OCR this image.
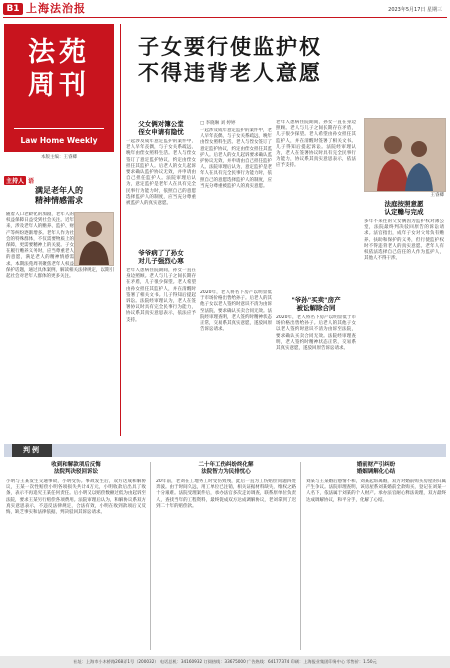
B1 上海法治报	2023年5月17日 星期三
法苑
周刊
Law Home Weekly
本版主编：王睿卿
子女要行使监护权
不得违背老人意愿
主持人 语
满足老年人的
精神情感需求
随着人口老龄化的加剧，老年人的权益保障日益受到社会关注。近年来，涉及老年人的赡养、监护、财产等纠纷逐渐增多。老年人作为社会的特殊群体，不仅需要物质上的保障，更需要精神上的关爱。子女在履行赡养义务时，应当尊重老人的意愿，满足老人的精神情感需求。本期法苑周刊聚焦老年人权益保护话题，通过具体案例，解读相关法律规定，以期引起社会对老年人群体的更多关注。
父女俩对簿公堂
侄女申请有隐忧
一起涉及成年意定监护的案件中，老人早年丧偶，与子女关系疏远，晚年由侄女照料生活。老人与侄女签订了意定监护协议，约定由侄女担任其监护人。后老人的女儿起诉要求确认监护协议无效，并申请由自己担任监护人。法院审理后认为，意定监护是老年人在具有完全民事行为能力时，依照自己的意愿选择监护人的制度，应当充分尊重被监护人的真实意愿。
爷爷病了了孙女
对儿子强烈心寒
老年人患病住院期间，孙女一直在身边照顾。老人与儿子之间长期存在矛盾，儿子很少探望。老人希望由孙女担任其监护人，并在清醒时签署了相关文书。儿子得知后提起诉讼。法院经审理认为，老人在签署协议时具有完全民事行为能力，协议系其真实意思表示，依法应予支持。
□ 李晓琳 刘 婷婷
一起涉及成年意定监护的案件中，老人早年丧偶，与子女关系疏远，晚年由侄女照料生活。老人与侄女签订了意定监护协议，约定由侄女担任其监护人。后老人的女儿起诉要求确认监护协议无效，并申请由自己担任监护人。法院审理后认为，意定监护是老年人在具有完全民事行为能力时，依照自己的意愿选择监护人的制度，应当充分尊重被监护人的真实意愿。
老年人患病住院期间，孙女一直在身边照顾。老人与儿子之间长期存在矛盾，儿子很少探望。老人希望由孙女担任其监护人，并在清醒时签署了相关文书。儿子得知后提起诉讼。法院经审理认为，老人在签署协议时具有完全民事行为能力，协议系其真实意思表示，依法应予支持。
王睿卿
法庭按照意愿
认定赡与完成
多年不来往的父女俩因为监护权对簿公堂，法院最终判决驳回原告的诉讼请求。法官指出，成年子女对父母负有赡养、扶助和保护的义务，但行使监护权时不得违背老人的真实意愿。老年人有权依法选择自己信任的人作为监护人，其他人不得干涉。
"爷孙"买卖"房产
被讼解除合同
2020年，老人将名下房产以明显低于市场价格出售给孙子。后老人的其他子女以老人签约时意识不清为由诉至法院，要求确认买卖合同无效。法院经审理查明，老人签约时精神状态正常，交易系其真实意愿，遂驳回原告诉讼请求。
2020年，老人将名下房产以明显低于市场价格出售给孙子。后老人的其他子女以老人签约时意识不清为由诉至法院，要求确认买卖合同无效。法院经审理查明，老人签约时精神状态正常，交易系其真实意愿，遂驳回原告诉讼请求。
判例
收到和解款项后反悔
法院判决驳回诉讼
小明与王某发生交通事故，小明受伤。事故发生后，双方达成和解协议，王某一次性赔偿小明各项损失共计4万元，小明收款后出具了收条，表示不再追究王某任何责任。后小明又以赔偿数额过低为由起诉至法院，要求王某另行赔偿各项费用。法院审理后认为，和解协议系双方真实意思表示，不违反法律规定，合法有效，小明在收到款项后又反悔，缺乏事实和法律依据，判决驳回其诉讼请求。
二十年工伤纠纷终化解
法院智力为民排忧心
20年前，老刘在工地务工时受伤致残，此后一直为工伤赔偿问题四处奔波。由于时间久远，用工单位已注销，相关证据材料缺失，维权之路十分艰难。法院受理案件后，承办法官多次走访调查，联系原单位负责人，查找当年的工程资料，最终促成双方达成调解协议，老刘拿到了迟到二十年的赔偿款。
婚前财产引纠纷
婚姻调解化心结
刘某与王某婚后感情不和，刘某起诉离婚，双方对婚前购买房屋的归属产生争议。法院审理查明，该房屋系刘某婚前全款购买，登记在刘某一人名下，依法属于刘某的个人财产。承办法官耐心释法说理，双方最终达成调解协议，和平分手，化解了心结。
社址：上海市小木桥路268弄1号（200032） 电话总机：34160932 订阅热线：33675000 广告热线：64177374 印刷：上海报业集团印务中心 零售价：1.50元
